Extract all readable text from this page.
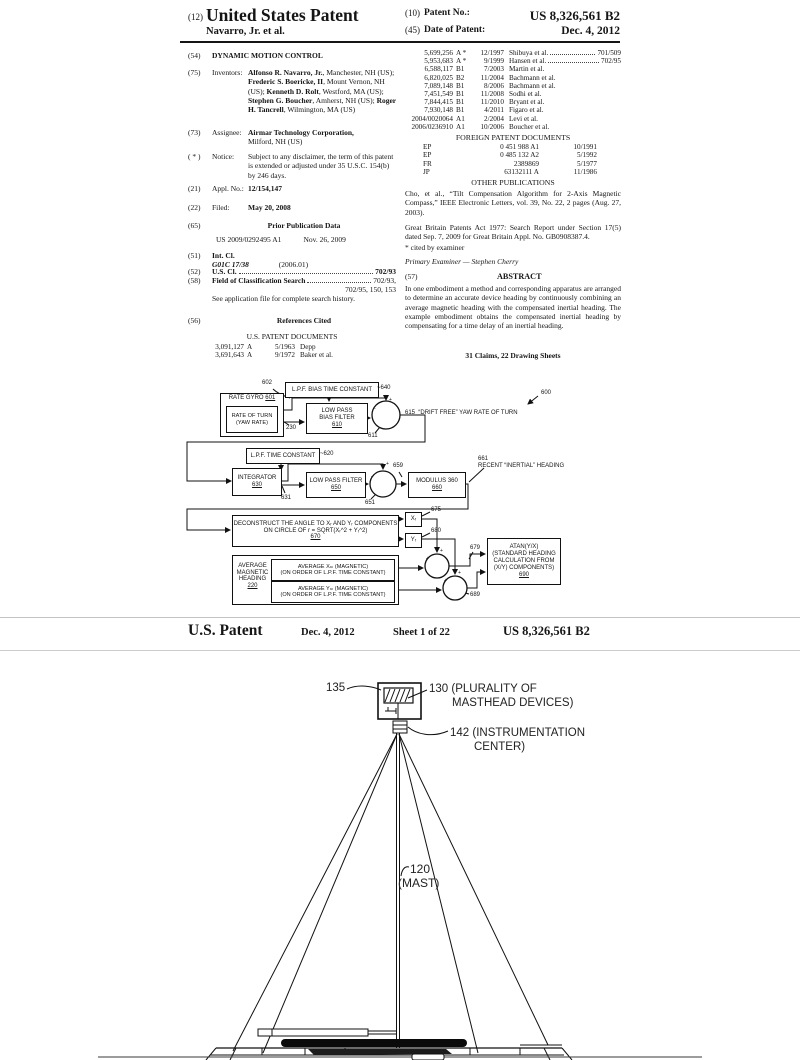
(12) United States Patent
Navarro, Jr. et al.
(10) Patent No.:	US 8,326,561 B2
(45) Date of Patent:	Dec. 4, 2012
(54)	DYNAMIC MOTION CONTROL
(75)	Inventors: Alfonso R. Navarro, Jr., Manchester, NH (US); Frederic S. Boericke, II, Mount Vernon, NH (US); Kenneth D. Rolt, Westford, MA (US); Stephen G. Boucher, Amherst, NH (US); Roger H. Tancrell, Wilmington, MA (US)
(73)	Assignee: Airmar Technology Corporation,
Milford, NH (US)
( * )	Notice:	Subject to any disclaimer, the term of this patent is extended or adjusted under 35 U.S.C. 154(b) by 246 days.
(21)	Appl. No.: 12/154,147
(22)	Filed:	May 20, 2008
(65)	Prior Publication Data
US 2009/0292495 A1	Nov. 26, 2009
(51)	Int. Cl.
G01C 17/38	(2006.01)
(52)	U.S. Cl.	702/93
(58)	Field of Classification Search	702/93,
702/95, 150, 153
See application file for complete search history.
(56)	References Cited
U.S. PATENT DOCUMENTS
3,091,127 A	5/1963 Depp
3,691,643 A	9/1972 Baker et al.
5,699,256 A *	12/1997 Shibuya et al.	701/509
5,953,683 A *	9/1999 Hansen et al.	702/95
6,588,117 B1	7/2003 Martin et al.
6,820,025 B2	11/2004 Bachmann et al.
7,089,148 B1	8/2006 Bachmann et al.
7,451,549 B1	11/2008 Sodhi et al.
7,844,415 B1	11/2010 Bryant et al.
7,930,148 B1	4/2011 Figaro et al.
2004/0020064 A1	2/2004 Levi et al.
2006/0236910 A1	10/2006 Boucher et al.
FOREIGN PATENT DOCUMENTS
EP	0 451 988 A1	10/1991
EP	0 485 132 A2	5/1992
FR	2389869	5/1977
JP	63132111 A	11/1986
OTHER PUBLICATIONS
Cho, et al., “Tilt Compensation Algorithm for 2-Axis Magnetic Compass,” IEEE Electronic Letters, vol. 39, No. 22, 2 pages (Aug. 27, 2003).
Great Britain Patents Act 1977: Search Report under Section 17(5) dated Sep. 7, 2009 for Great Britain Appl. No. GB0908387.4.
* cited by examiner
Primary Examiner — Stephen Cherry
(57)	ABSTRACT
In one embodiment a method and corresponding apparatus are arranged to determine an accurate device heading by continuously combining an average magnetic heading with the compensated inertial heading. The example embodiment obtains the compensated inertial heading by compensating for a time delay of an inertial heading.
31 Claims, 22 Drawing Sheets
L.P.F. BIAS TIME CONSTANT ~640
602
RATE GYRO 601
RATE OF TURN
(YAW RATE)
230
LOW PASS
BIAS FILTER
610
611
615 “DRIFT FREE” YAW RATE OF TURN
600
L.P.F. TIME CONSTANT ~620
INTEGRATOR
630
631
LOW PASS FILTER
650
651
659
MODULUS 360
660
661
RECENT “INERTIAL” HEADING
DECONSTRUCT THE ANGLE TO Xᵣ AND Yᵣ COMPONENTS
ON CIRCLE OF r = SQRT(Xᵣ^2 + Yᵣ^2)
670
Xᵣ
675
Yᵣ
680
AVERAGE
MAGNETIC
HEADING
220
AVERAGE Xₘ (MAGNETIC)
(ON ORDER OF L.P.F. TIME CONSTANT)
AVERAGE Yₘ (MAGNETIC)
(ON ORDER OF L.P.F. TIME CONSTANT)
679
689
ATAN(Y/X)
(STANDARD HEADING
CALCULATION FROM
(X/Y) COMPONENTS)
690
+
−
+
−
+
+
+
+
U.S. Patent	Dec. 4, 2012	Sheet 1 of 22	US 8,326,561 B2
135	130 (PLURALITY OF
MASTHEAD DEVICES)
142 (INSTRUMENTATION
CENTER)
120
(MAST)
